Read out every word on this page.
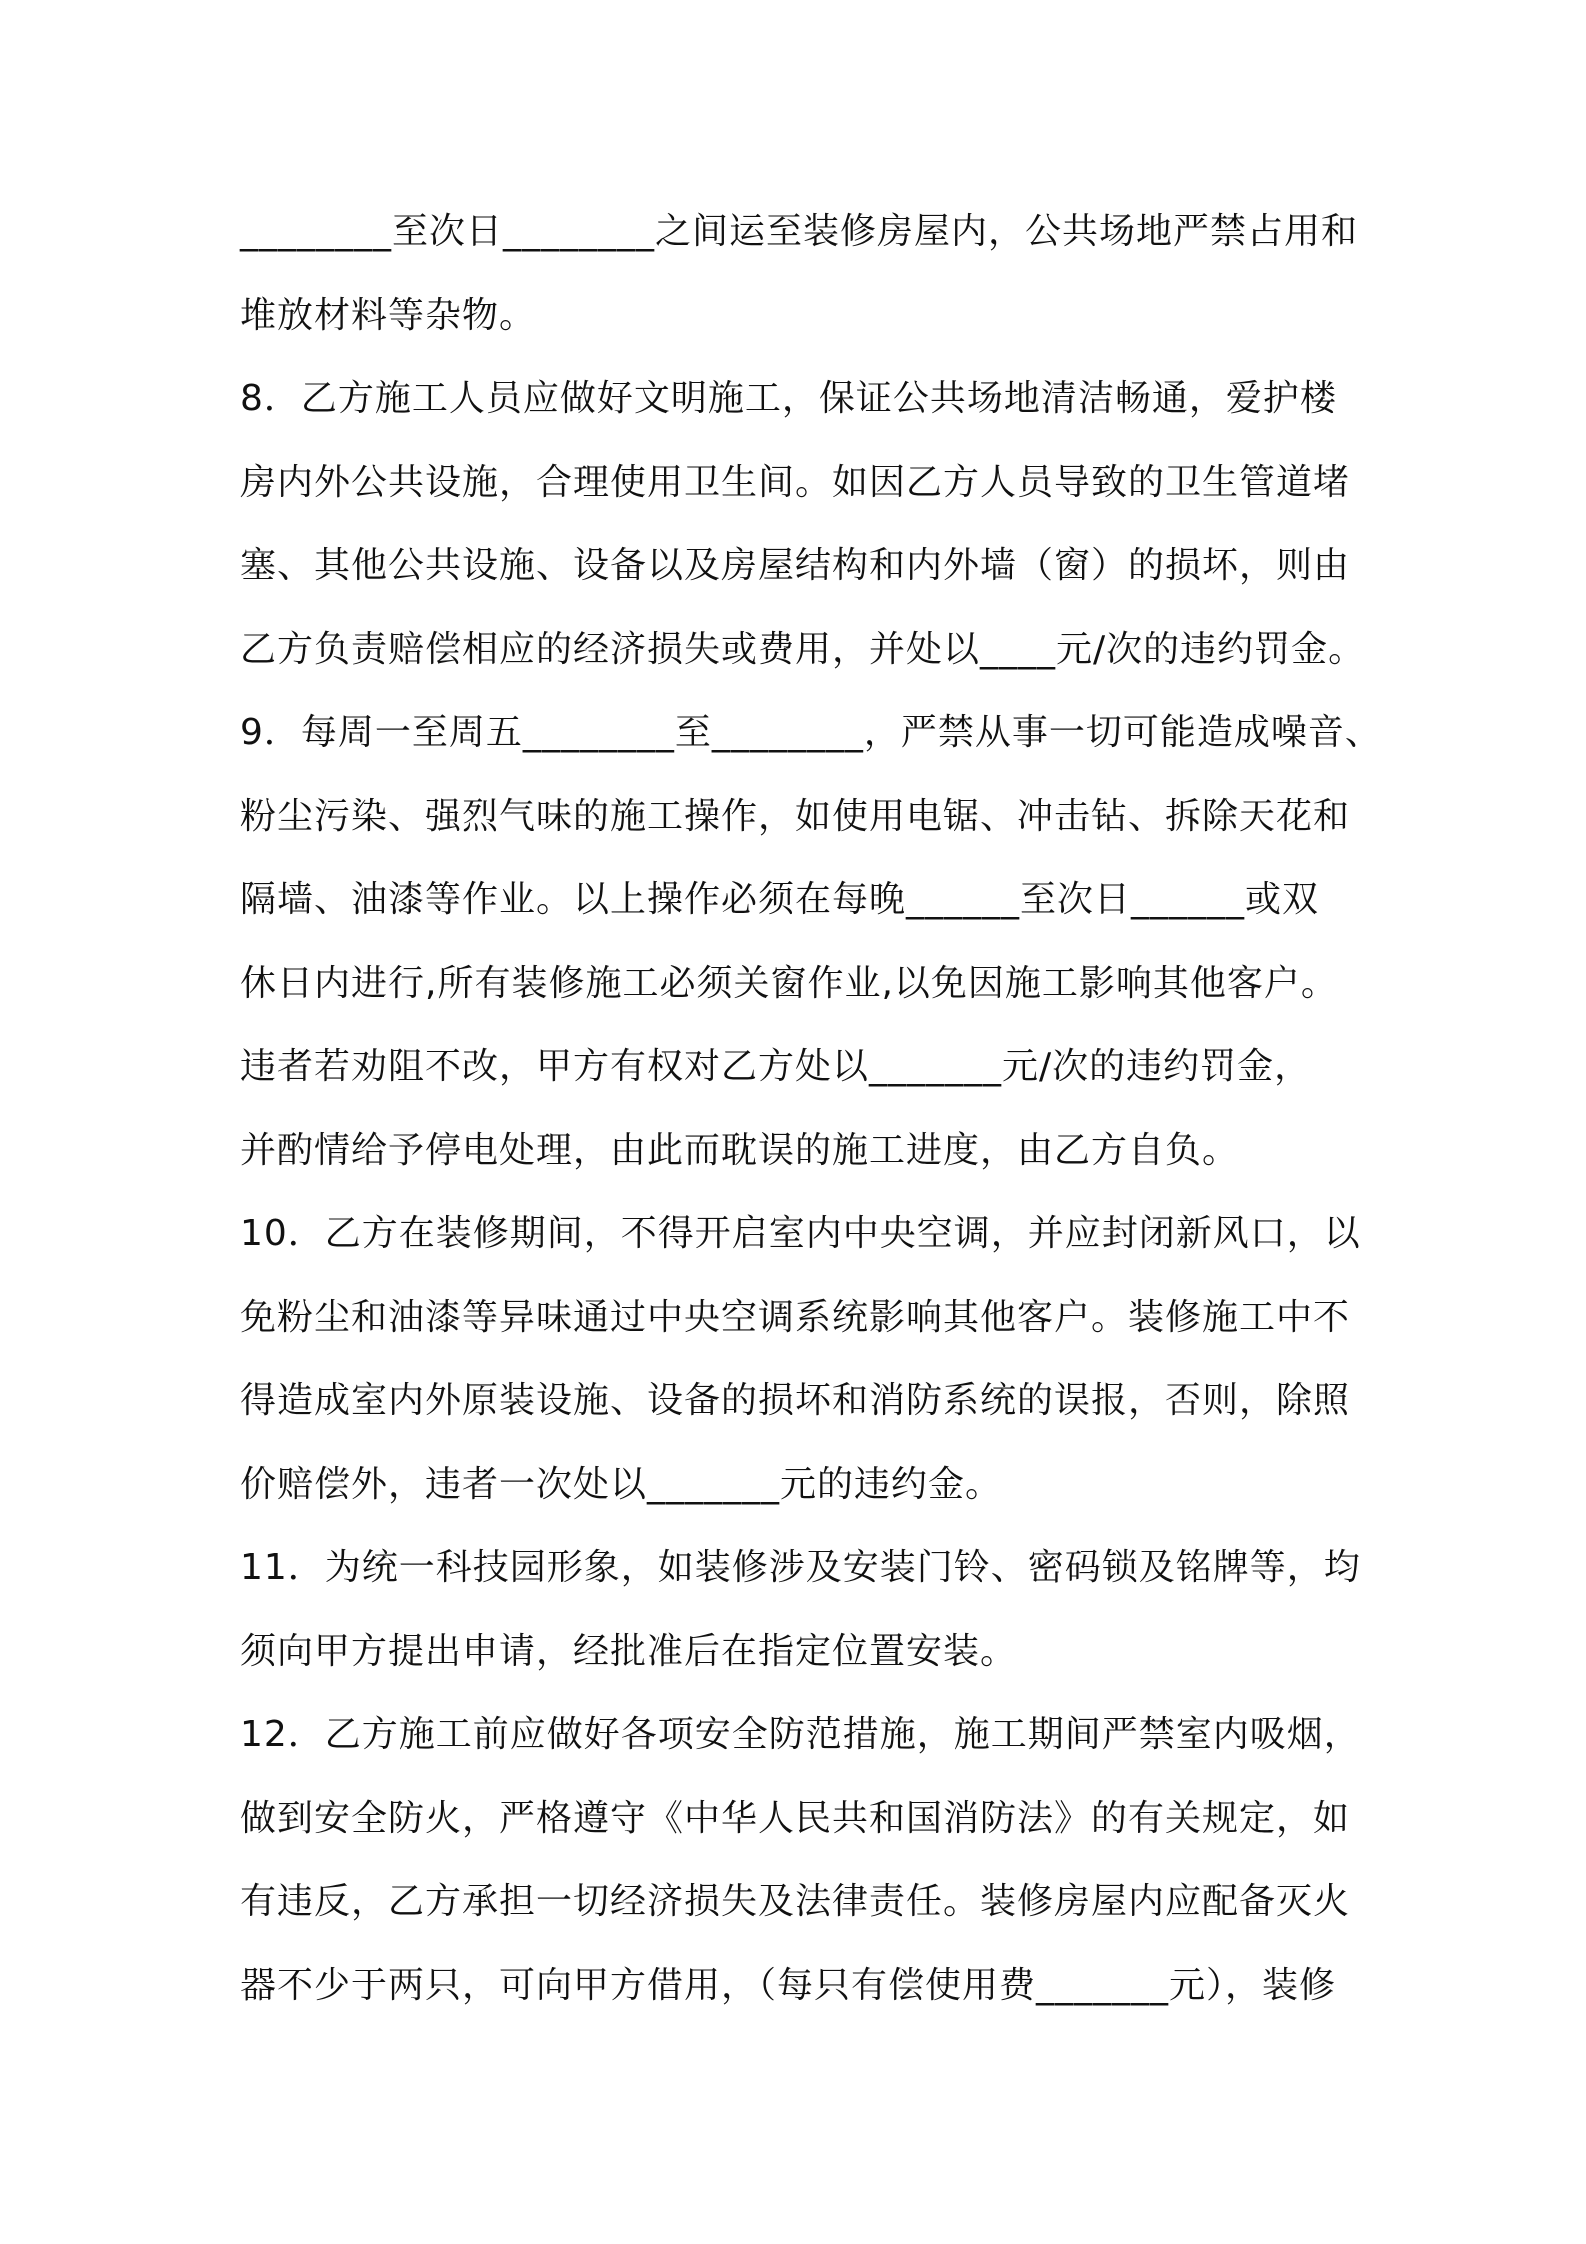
________至次日________之间运至装修房屋内，公共场地严禁占用和
堆放材料等杂物。
8．乙方施工人员应做好文明施工，保证公共场地清洁畅通，爱护楼
房内外公共设施，合理使用卫生间。如因乙方人员导致的卫生管道堵
塞、其他公共设施、设备以及房屋结构和内外墙（窗）的损坏，则由
乙方负责赔偿相应的经济损失或费用，并处以____元/次的违约罚金。
9．每周一至周五________至________，严禁从事一切可能造成噪音、
粉尘污染、强烈气味的施工操作，如使用电锯、冲击钻、拆除天花和
隔墙、油漆等作业。以上操作必须在每晚______至次日______或双
休日内进行,所有装修施工必须关窗作业,以免因施工影响其他客户。
违者若劝阻不改，甲方有权对乙方处以_______元/次的违约罚金，
并酌情给予停电处理，由此而耽误的施工进度，由乙方自负。
10．乙方在装修期间，不得开启室内中央空调，并应封闭新风口，以
免粉尘和油漆等异味通过中央空调系统影响其他客户。装修施工中不
得造成室内外原装设施、设备的损坏和消防系统的误报，否则，除照
价赔偿外，违者一次处以_______元的违约金。
11．为统一科技园形象，如装修涉及安装门铃、密码锁及铭牌等，均
须向甲方提出申请，经批准后在指定位置安装。
12．乙方施工前应做好各项安全防范措施，施工期间严禁室内吸烟，
做到安全防火，严格遵守《中华人民共和国消防法》的有关规定，如
有违反，乙方承担一切经济损失及法律责任。装修房屋内应配备灭火
器不少于两只，可向甲方借用，（每只有偿使用费_______元），装修
